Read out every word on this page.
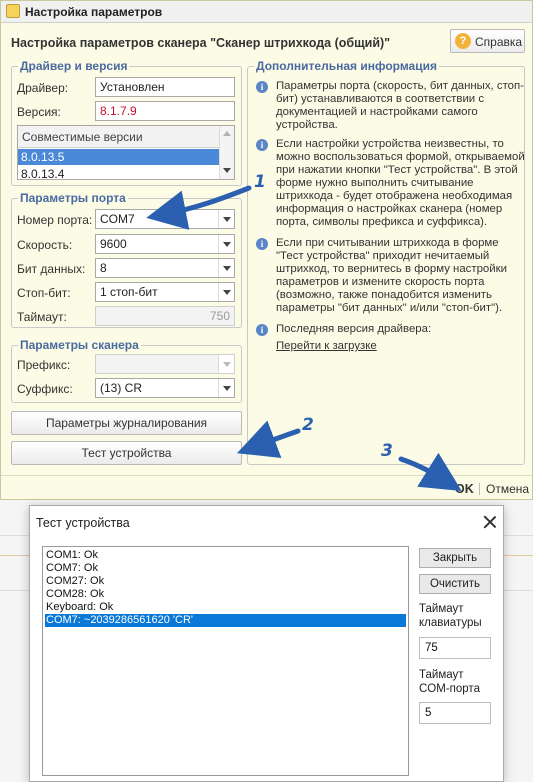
Настройка параметров
Настройка параметров сканера "Сканер штрихкода (общий)"	? Справка
Драйвер и версия
Драйвер:	Установлен
Версия:	8.1.7.9
Совместимые версии
8.0.13.5
8.0.13.4
Параметры порта
Номер порта: COM7
Скорость:	9600
Бит данных:	8
Стоп-бит:	1 стоп-бит
Таймаут:	750
Параметры сканера
Префикс:
Суффикс:	(13) CR
Параметры журналирования
Тест устройства
Дополнительная информация
i	Параметры порта (скорость, бит данных, стоп-бит) устанавливаются в соответствии с документацией и настройками самого устройства.
i	Если настройки устройства неизвестны, то можно воспользоваться формой, открываемой при нажатии кнопки "Тест устройства". В этой форме нужно выполнить считывание штрихкода - будет отображена необходимая информация о настройках сканера (номер порта, символы префикса и суффикса).
i	Если при считывании штрихкода в форме "Тест устройства" приходит нечитаемый штрихкод, то вернитесь в форму настройки параметров и измените скорость порта (возможно, также понадобится изменить параметры "бит данных" и/или "стоп-бит").
i	Последняя версия драйвера:
Перейти к загрузке
OK Отмена
1
2
3
Тест устройства
COM1: Ok
COM7: Ok
COM27: Ok
COM28: Ok
Keyboard: Ok
COM7: ~2039286561620 'CR'
Закрыть
Очистить
Таймаут клавиатуры
75
Таймаут COM-порта
5
